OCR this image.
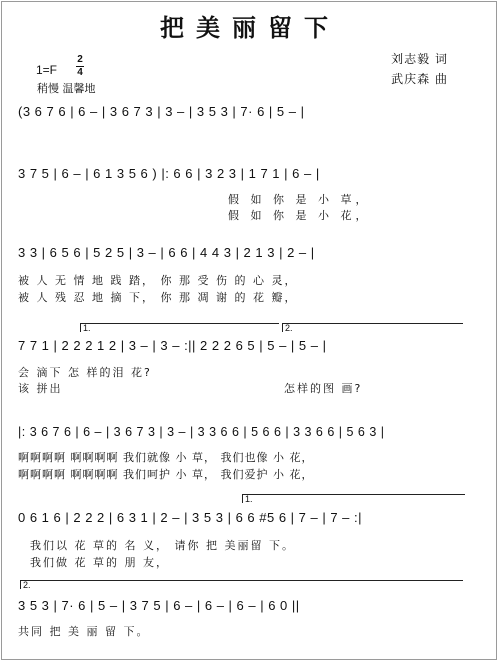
把美丽留下
1=F
2
4
稍慢 温馨地
刘志毅 词
武庆森 曲
(3 6 7 6 | 6 – | 3 6 7 3 | 3 – | 3 5 3 | 7· 6 | 5 – |
3 7 5 | 6 – | 6 1 3 5 6 ) |: 6 6 | 3 2 3 | 1 7 1 | 6 – |
假 如 你 是 小 草，
假 如 你 是 小 花，
3 3 | 6 5 6 | 5 2 5 | 3 – | 6 6 | 4 4 3 | 2 1 3 | 2 – |
被 人 无 情 地 践 踏， 你 那 受 伤 的 心 灵，
被 人 残 忍 地 摘 下， 你 那 凋 谢 的 花 瓣，
1.	2.
7 7 1 | 2 2 2 1 2 | 3 – | 3 – :|| 2 2 2 6 5 | 5 – | 5 – |
会 滴下 怎 样的泪 花?
该 拼出	怎样的图 画?
|: 3 6 7 6 | 6 – | 3 6 7 3 | 3 – | 3 3 6 6 | 5 6 6 | 3 3 6 6 | 5 6 3 |
啊啊啊啊 啊啊啊啊 我们就像 小 草， 我们也像 小 花，
啊啊啊啊 啊啊啊啊 我们呵护 小 草， 我们爱护 小 花，
1.
0 6 1 6 | 2 2 2 | 6 3 1 | 2 – | 3 5 3 | 6 6 #5 6 | 7 – | 7 – :|
我们以 花 草的 名 义， 请你 把 美丽留 下。
我们做 花 草的 朋 友，
2.
3 5 3 | 7· 6 | 5 – | 3 7 5 | 6 – | 6 – | 6 – | 6 0 ||
共同 把 美 丽 留 下。
